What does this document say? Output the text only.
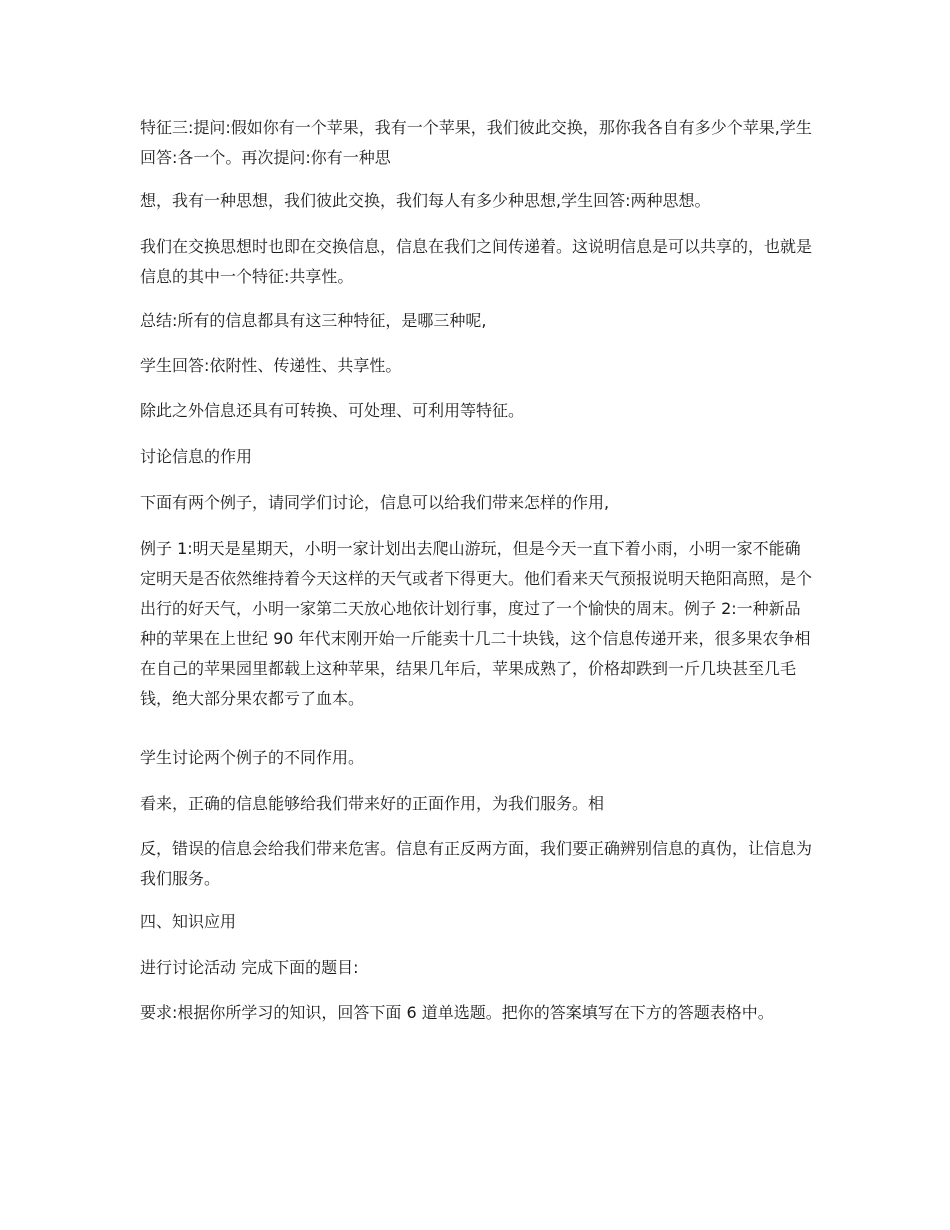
特征三:提问:假如你有一个苹果，我有一个苹果，我们彼此交换，那你我各自有多少个苹果,学生回答:各一个。再次提问:你有一种思

想，我有一种思想，我们彼此交换，我们每人有多少种思想,学生回答:两种思想。

我们在交换思想时也即在交换信息，信息在我们之间传递着。这说明信息是可以共享的，也就是信息的其中一个特征:共享性。

总结:所有的信息都具有这三种特征，是哪三种呢,

学生回答:依附性、传递性、共享性。

除此之外信息还具有可转换、可处理、可利用等特征。

讨论信息的作用

下面有两个例子，请同学们讨论，信息可以给我们带来怎样的作用,

例子 1:明天是星期天，小明一家计划出去爬山游玩，但是今天一直下着小雨，小明一家不能确定明天是否依然维持着今天这样的天气或者下得更大。他们看来天气预报说明天艳阳高照，是个出行的好天气，小明一家第二天放心地依计划行事，度过了一个愉快的周末。例子 2:一种新品种的苹果在上世纪 90 年代末刚开始一斤能卖十几二十块钱，这个信息传递开来，很多果农争相在自己的苹果园里都载上这种苹果，结果几年后，苹果成熟了，价格却跌到一斤几块甚至几毛钱，绝大部分果农都亏了血本。

学生讨论两个例子的不同作用。

看来，正确的信息能够给我们带来好的正面作用，为我们服务。相

反，错误的信息会给我们带来危害。信息有正反两方面，我们要正确辨别信息的真伪，让信息为我们服务。

四、知识应用

进行讨论活动 完成下面的题目:

要求:根据你所学习的知识，回答下面 6 道单选题。把你的答案填写在下方的答题表格中。
